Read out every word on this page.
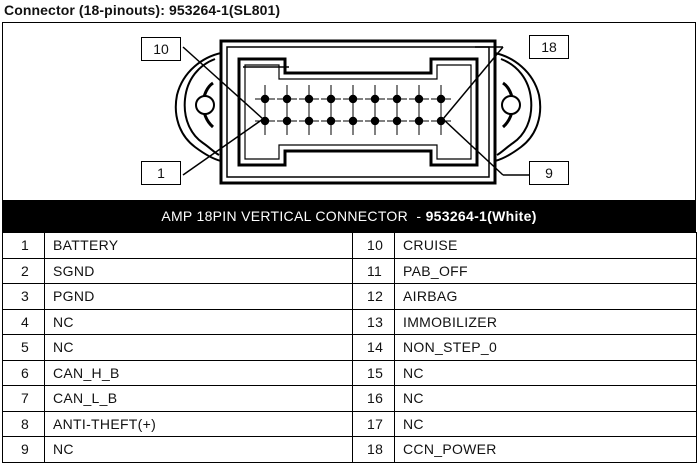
Connector (18-pinouts): 953264-1(SL801)
10	18
1	9
AMP 18PIN VERTICAL CONNECTOR  - 953264-1(White)
1	BATTERY	10	CRUISE
2	SGND	11	PAB_OFF
3	PGND	12	AIRBAG
4	NC	13	IMMOBILIZER
5	NC	14	NON_STEP_0
6	CAN_H_B	15	NC
7	CAN_L_B	16	NC
8	ANTI-THEFT(+)	17	NC
9	NC	18	CCN_POWER
